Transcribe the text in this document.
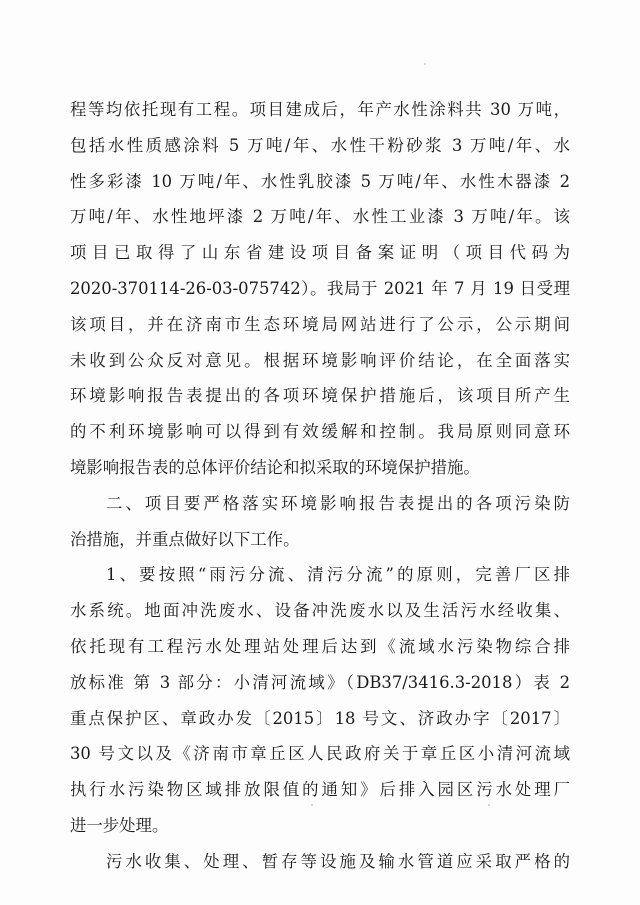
程等均依托现有工程。项目建成后，年产水性涂料共 30 万吨，
包括水性质感涂料 5 万吨/年、水性干粉砂浆 3 万吨/年、水
性多彩漆 10 万吨/年、水性乳胶漆 5 万吨/年、水性木器漆 2
万吨/年、水性地坪漆 2 万吨/年、水性工业漆 3 万吨/年。该
项目已取得了山东省建设项目备案证明（项目代码为
2020-370114-26-03-075742）。我局于 2021 年 7 月 19 日受理
该项目，并在济南市生态环境局网站进行了公示，公示期间
未收到公众反对意见。根据环境影响评价结论，在全面落实
环境影响报告表提出的各项环境保护措施后，该项目所产生
的不利环境影响可以得到有效缓解和控制。我局原则同意环
境影响报告表的总体评价结论和拟采取的环境保护措施。
二、项目要严格落实环境影响报告表提出的各项污染防
治措施，并重点做好以下工作。
1、要按照“雨污分流、清污分流”的原则，完善厂区排
水系统。地面冲洗废水、设备冲洗废水以及生活污水经收集、
依托现有工程污水处理站处理后达到《流域水污染物综合排
放标准 第 3 部分：小清河流域》（DB37/3416.3-2018）表 2
重点保护区、章政办发〔2015〕18 号文、济政办字〔2017〕
30 号文以及《济南市章丘区人民政府关于章丘区小清河流域
执行水污染物区域排放限值的通知》后排入园区污水处理厂
进一步处理。
污水收集、处理、暂存等设施及输水管道应采取严格的
